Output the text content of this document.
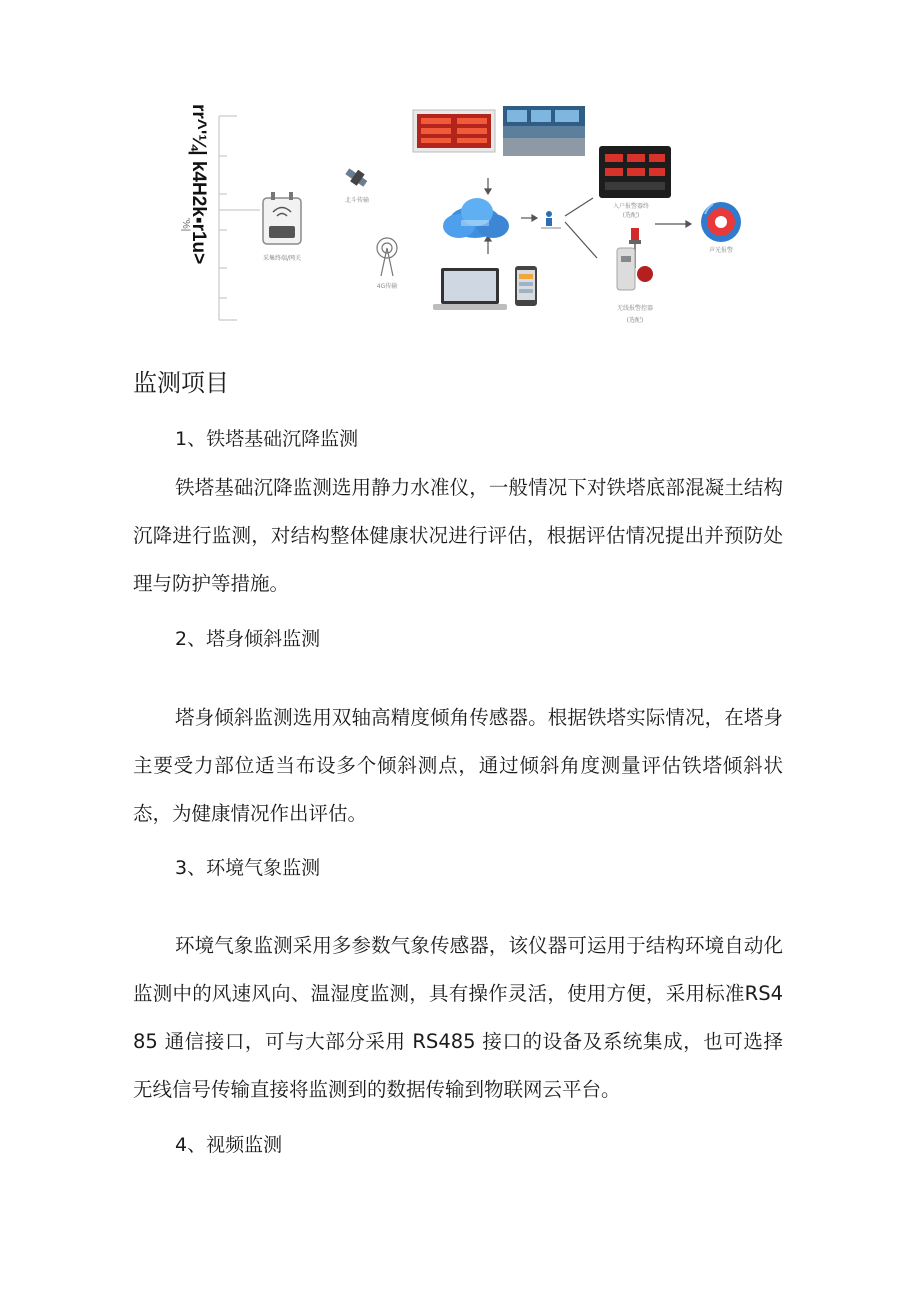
rr^'¼| k4H2k▪r1u>
'%|
采集终端/网关
北斗传输
4G传输
入户报警器终
(选配)
无线报警控器
(选配)
声光报警
监测项目
1、铁塔基础沉降监测
铁塔基础沉降监测选用静力水准仪，一般情况下对铁塔底部混凝土结构沉降进行监测，对结构整体健康状况进行评估，根据评估情况提出并预防处理与防护等措施。
2、塔身倾斜监测
塔身倾斜监测选用双轴高精度倾角传感器。根据铁塔实际情况，在塔身主要受力部位适当布设多个倾斜测点，通过倾斜角度测量评估铁塔倾斜状态，为健康情况作出评估。
3、环境气象监测
环境气象监测采用多参数气象传感器，该仪器可运用于结构环境自动化监测中的风速风向、温湿度监测，具有操作灵活，使用方便，采用标准RS485 通信接口，可与大部分采用 RS485 接口的设备及系统集成，也可选择无线信号传输直接将监测到的数据传输到物联网云平台。
4、视频监测
